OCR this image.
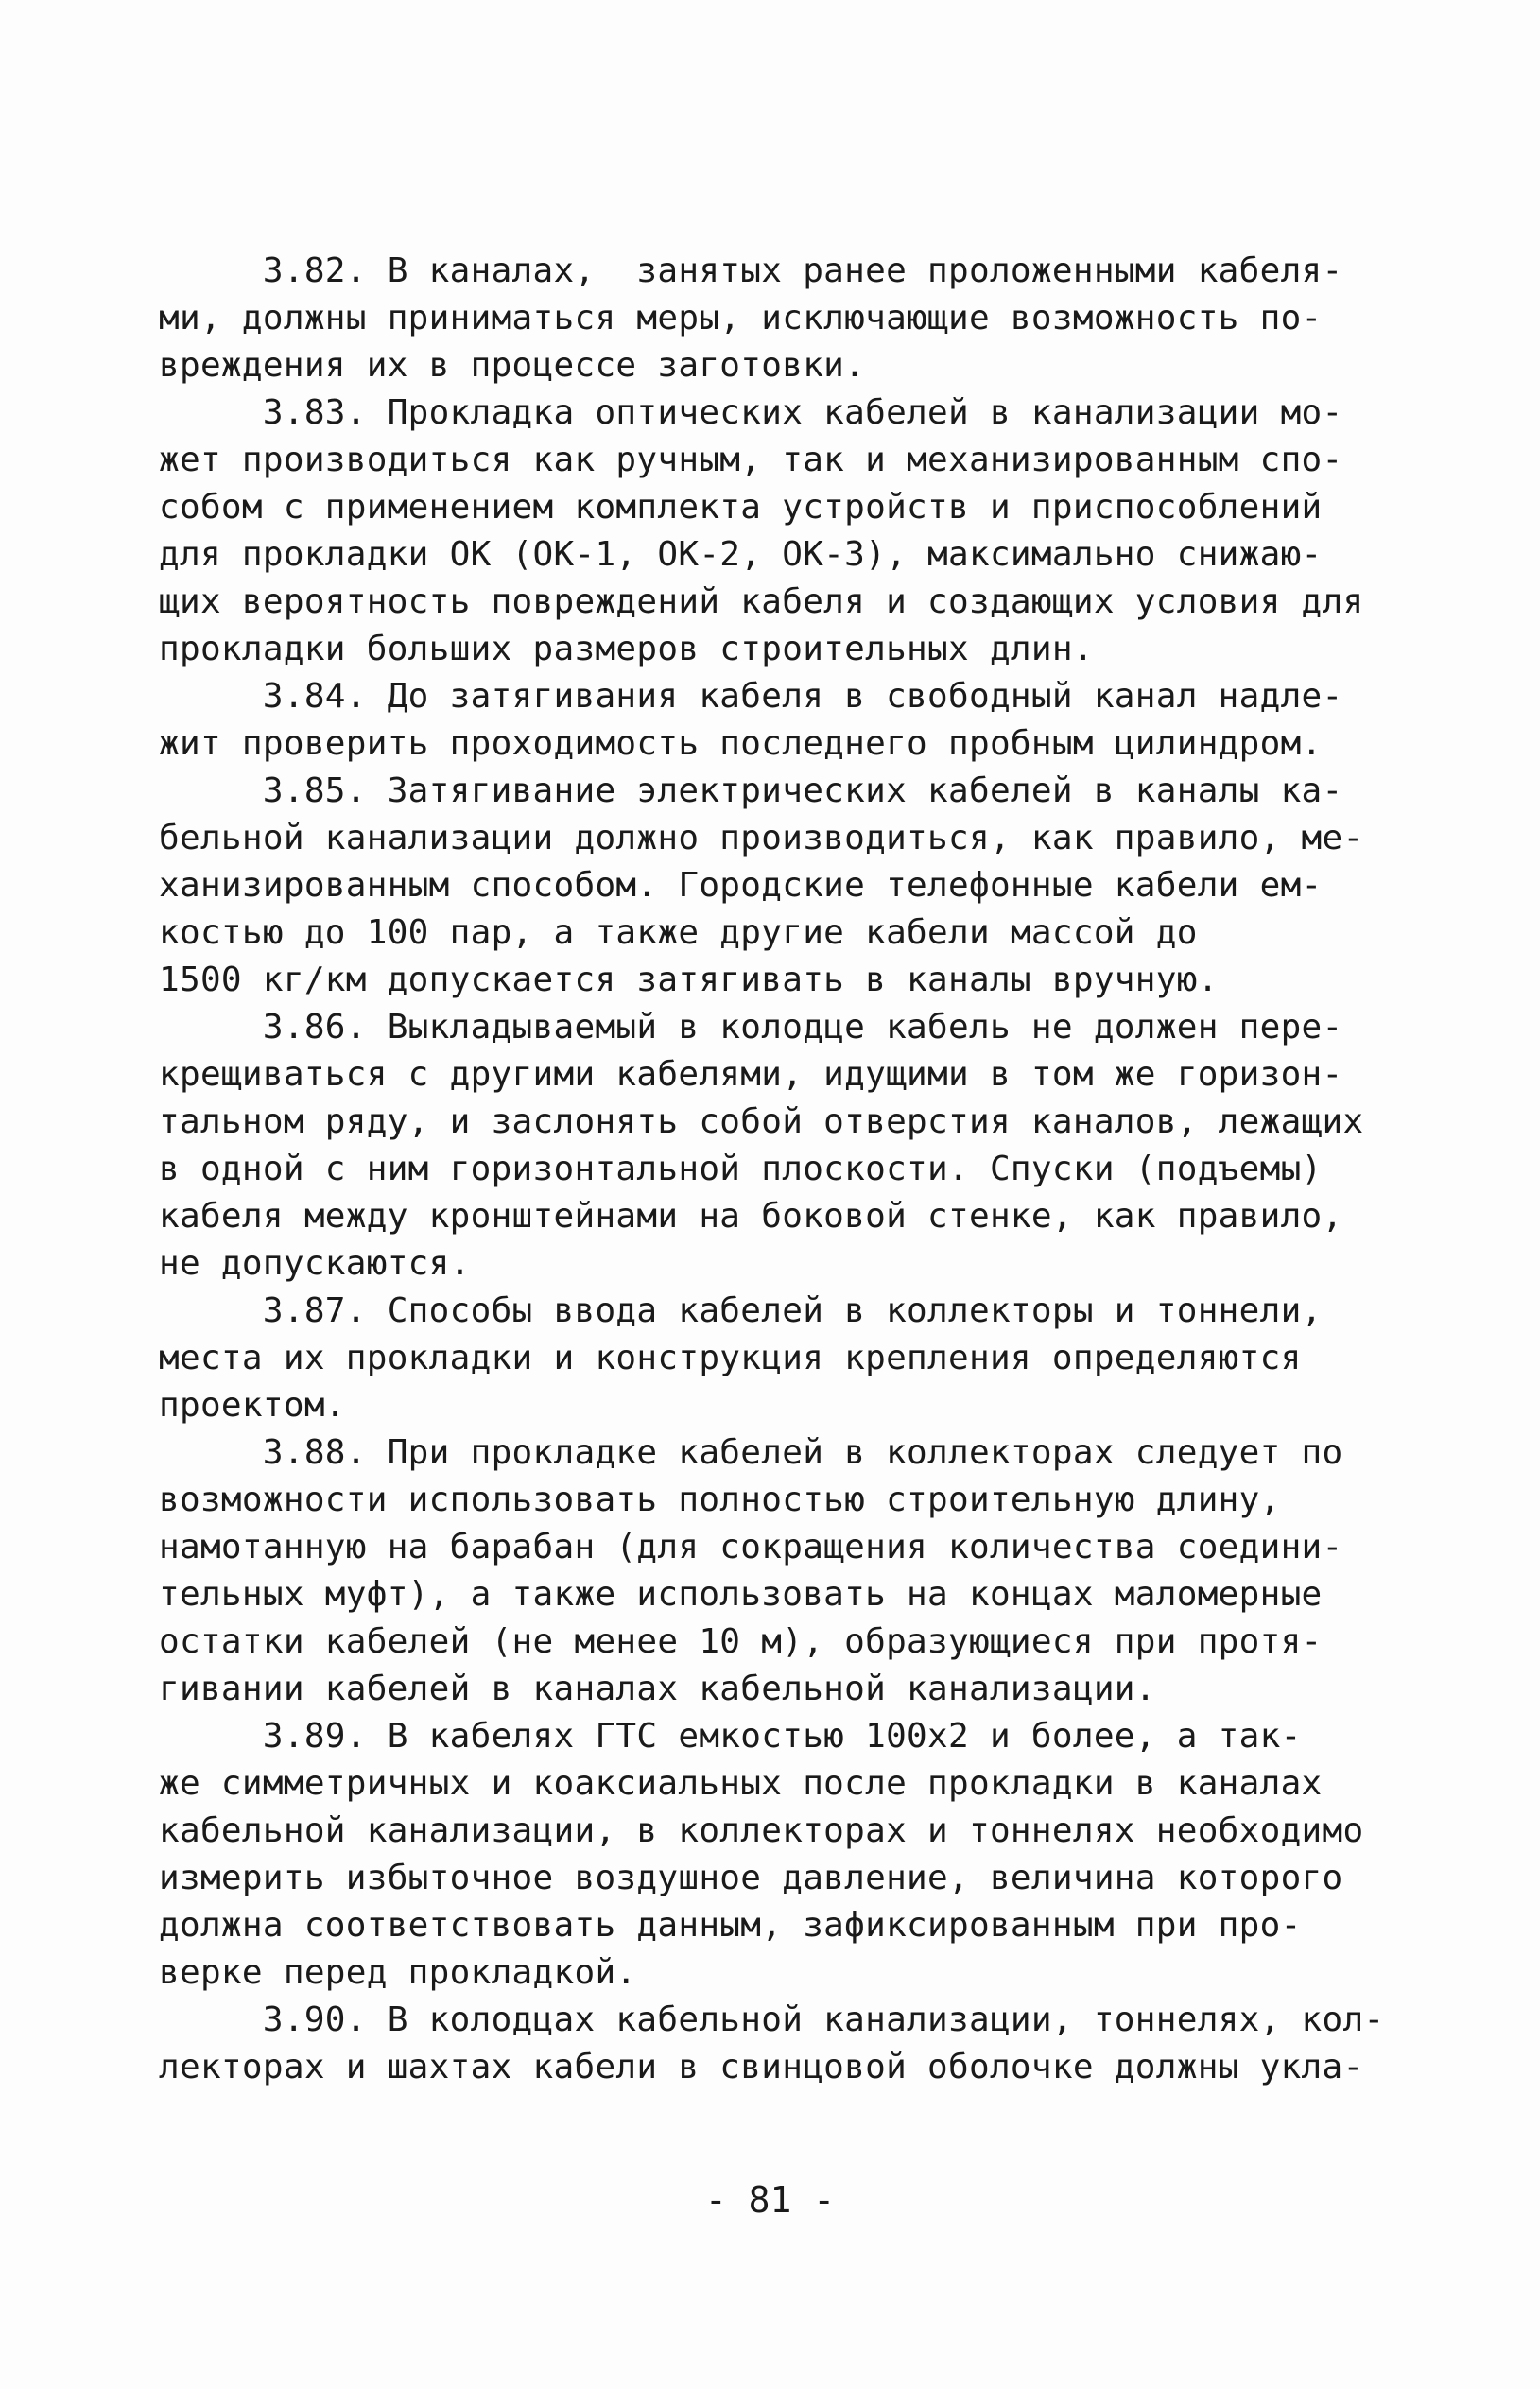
3.82. В каналах,  занятых ранее проложенными кабеля-
ми, должны приниматься меры, исключающие возможность по-
вреждения их в процессе заготовки.
3.83. Прокладка оптических кабелей в канализации мо-
жет производиться как ручным, так и механизированным спо-
собом с применением комплекта устройств и приспособлений
для прокладки ОК (ОК-1, ОК-2, ОК-3), максимально снижаю-
щих вероятность повреждений кабеля и создающих условия для
прокладки больших размеров строительных длин.
3.84. До затягивания кабеля в свободный канал надле-
жит проверить проходимость последнего пробным цилиндром.
3.85. Затягивание электрических кабелей в каналы ка-
бельной канализации должно производиться, как правило, ме-
ханизированным способом. Городские телефонные кабели ем-
костью до 100 пар, а также другие кабели массой до
1500 кг/км допускается затягивать в каналы вручную.
3.86. Выкладываемый в колодце кабель не должен пере-
крещиваться с другими кабелями, идущими в том же горизон-
тальном ряду, и заслонять собой отверстия каналов, лежащих
в одной с ним горизонтальной плоскости. Спуски (подъемы)
кабеля между кронштейнами на боковой стенке, как правило,
не допускаются.
3.87. Способы ввода кабелей в коллекторы и тоннели,
места их прокладки и конструкция крепления определяются
проектом.
3.88. При прокладке кабелей в коллекторах следует по
возможности использовать полностью строительную длину,
намотанную на барабан (для сокращения количества соедини-
тельных муфт), а также использовать на концах маломерные
остатки кабелей (не менее 10 м), образующиеся при протя-
гивании кабелей в каналах кабельной канализации.
3.89. В кабелях ГТС емкостью 100х2 и более, а так-
же симметричных и коаксиальных после прокладки в каналах
кабельной канализации, в коллекторах и тоннелях необходимо
измерить избыточное воздушное давление, величина которого
должна соответствовать данным, зафиксированным при про-
верке перед прокладкой.
3.90. В колодцах кабельной канализации, тоннелях, кол-
лекторах и шахтах кабели в свинцовой оболочке должны укла-
- 81 -
